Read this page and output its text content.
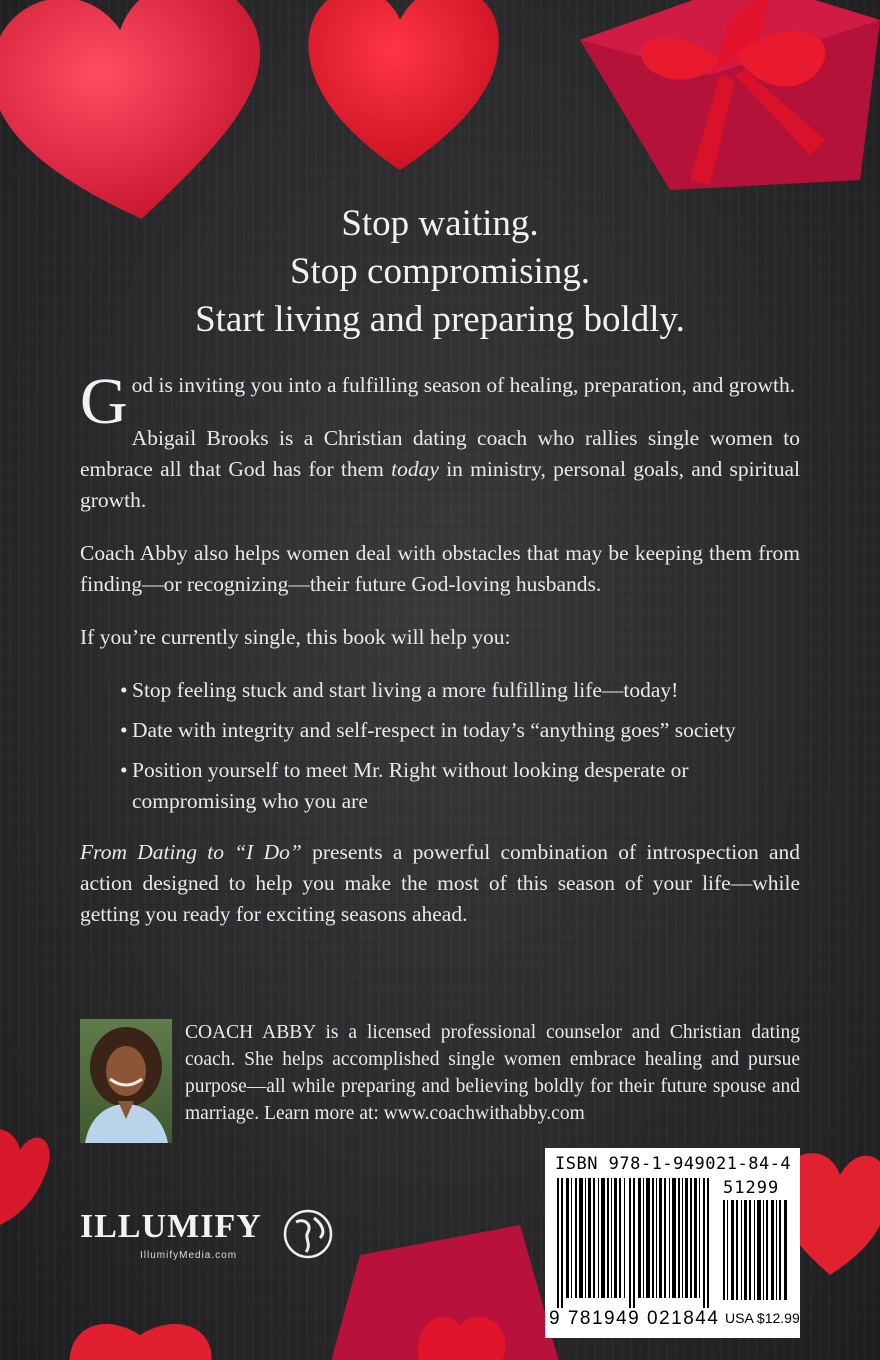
Stop waiting.
Stop compromising.
Start living and preparing boldly.

God is inviting you into a fulfilling season of healing, preparation, and growth.

Abigail Brooks is a Christian dating coach who rallies single women to embrace all that God has for them today in ministry, personal goals, and spiritual growth.

Coach Abby also helps women deal with obstacles that may be keeping them from finding—or recognizing—their future God-loving husbands.

If you’re currently single, this book will help you:

• Stop feeling stuck and start living a more fulfilling life—today!
• Date with integrity and self-respect in today’s “anything goes” society
• Position yourself to meet Mr. Right without looking desperate or compromising who you are

From Dating to “I Do” presents a powerful combination of introspection and action designed to help you make the most of this season of your life—while getting you ready for exciting seasons ahead.

COACH ABBY is a licensed professional counselor and Christian dating coach. She helps accomplished single women embrace healing and pursue purpose—all while preparing and believing boldly for their future spouse and marriage. Learn more at: www.coachwithabby.com
ILLUMIFY
IllumifyMedia.com
ISBN 978-1-949021-84-4
51299
9 781949 021844 USA $12.99
